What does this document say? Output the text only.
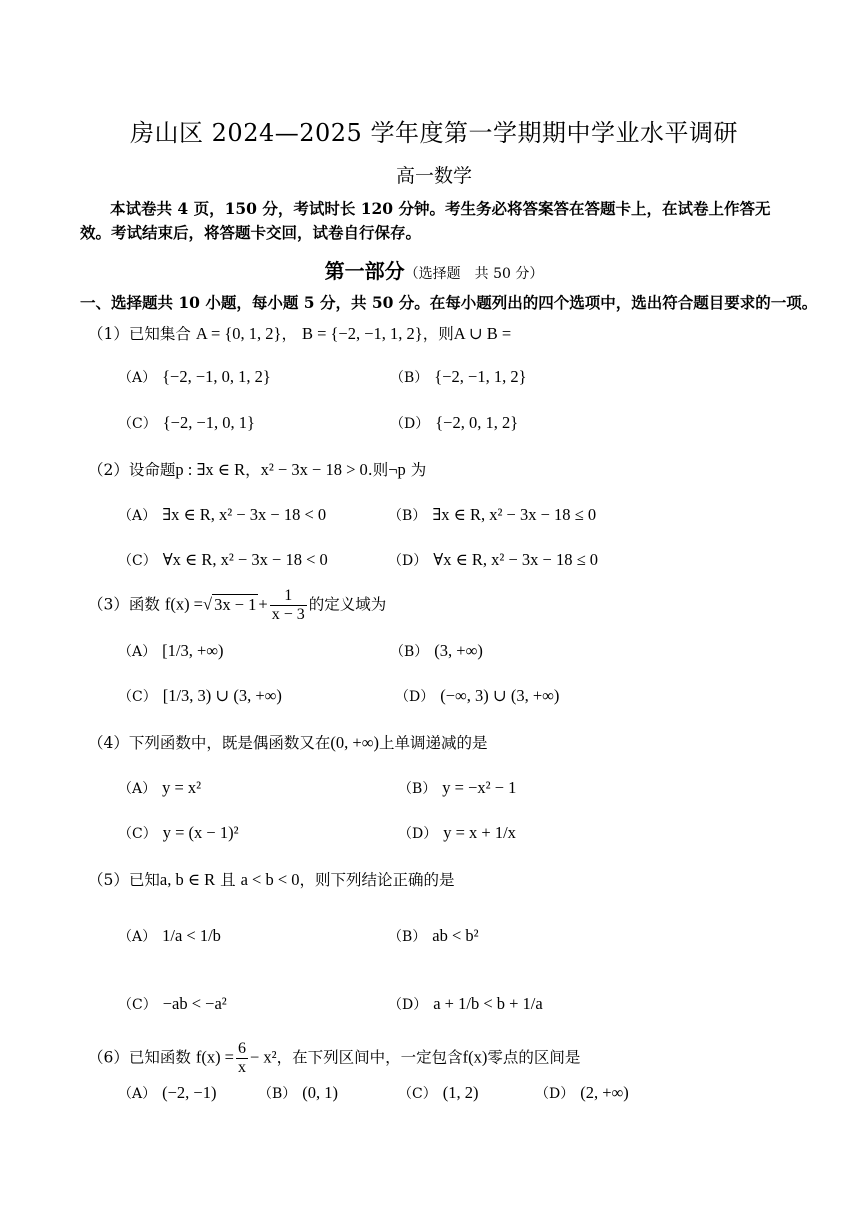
房山区 2024—2025 学年度第一学期期中学业水平调研
高一数学
本试卷共 4 页，150 分，考试时长 120 分钟。考生务必将答案答在答题卡上，在试卷上作答无效。考试结束后，将答题卡交回，试卷自行保存。
第一部分（选择题　共 50 分）
一、选择题共 10 小题，每小题 5 分，共 50 分。在每小题列出的四个选项中，选出符合题目要求的一项。
（1）已知集合 A = {0, 1, 2}， B = {−2, −1, 1, 2}，则A ∪ B =
（A） {−2, −1, 0, 1, 2}	（B） {−2, −1, 1, 2}
（C） {−2, −1, 0, 1}	（D） {−2, 0, 1, 2}
（2）设命题p : ∃x ∈ R，x² − 3x − 18 > 0.则¬p 为
（A） ∃x ∈ R, x² − 3x − 18 < 0	（B） ∃x ∈ R, x² − 3x − 18 ≤ 0
（C） ∀x ∈ R, x² − 3x − 18 < 0	（D） ∀x ∈ R, x² − 3x − 18 ≤ 0
（3）函数 f(x) =√ $3x - 1 + \frac{1}{x - 3}$ 的定义域为
（A） [1/3, +∞)	（B） (3, +∞)
（C） [1/3, 3) ∪ (3, +∞)	（D） (−∞, 3) ∪ (3, +∞)
（4）下列函数中，既是偶函数又在(0, +∞)上单调递减的是
（A） y = x²	（B） y = −x² − 1
（C） y = (x − 1)²	（D） y = x + 1/x
（5）已知a, b ∈ R 且 a < b < 0，则下列结论正确的是
（A） 1/a < 1/b	（B） ab < b²
（C） −ab < −a²	（D） a + 1/b < b + 1/a
（6）已知函数 $f(x) = \frac{6}{x} - x^2$，在下列区间中，一定包含f(x)零点的区间是
（A） (−2, −1)	（B） (0, 1)	（C） (1, 2)	（D） (2, +∞)
